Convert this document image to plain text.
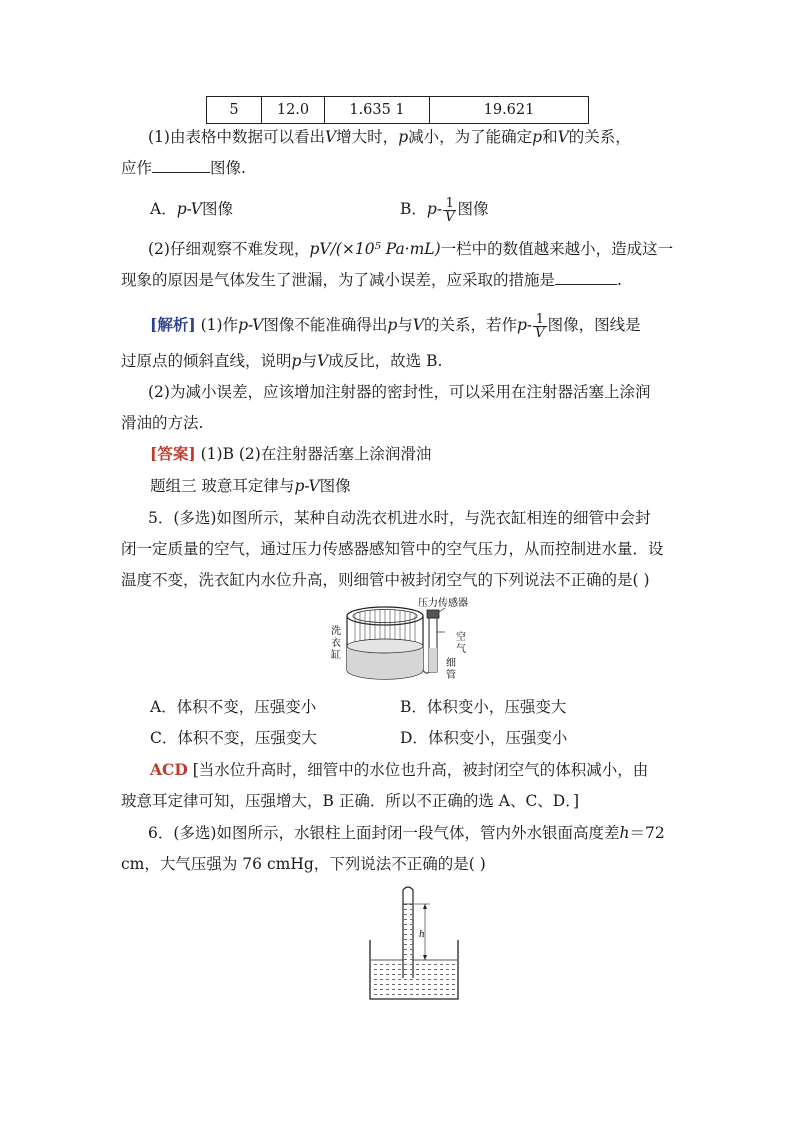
5	12.0	1.635 1	19.621
(1)由表格中数据可以看出V增大时，p减小，为了能确定p和V的关系，
应作	图像.
A．p-V图像	B．$p- \frac{1}{V}$ 图像
(2)仔细观察不难发现，pV/(×10⁵ Pa·mL)一栏中的数值越来越小，造成这一
现象的原因是气体发生了泄漏，为了减小误差，应采取的措施是	.
[解析] (1)作p-V图像不能准确得出p与V的关系，若作$p- \frac{1}{V}$ 图像，图线是
过原点的倾斜直线，说明p与V成反比，故选 B.
(2)为减小误差，应该增加注射器的密封性，可以采用在注射器活塞上涂润
滑油的方法.
[答案] (1)B (2)在注射器活塞上涂润滑油
题组三 玻意耳定律与p-V图像
5．(多选)如图所示，某种自动洗衣机进水时，与洗衣缸相连的细管中会封
闭一定质量的空气，通过压力传感器感知管中的空气压力，从而控制进水量．设
温度不变，洗衣缸内水位升高，则细管中被封闭空气的下列说法不正确的是( )
压力传感器
洗
衣
缸
空
气
细
管
A．体积不变，压强变小	B．体积变小，压强变大
C．体积不变，压强变大	D．体积变小，压强变小
ACD [当水位升高时，细管中的水位也升高，被封闭空气的体积减小，由
玻意耳定律可知，压强增大，B 正确．所以不正确的选 A、C、D．]
6．(多选)如图所示，水银柱上面封闭一段气体，管内外水银面高度差h＝72
cm，大气压强为 76 cmHg，下列说法不正确的是( )
h
